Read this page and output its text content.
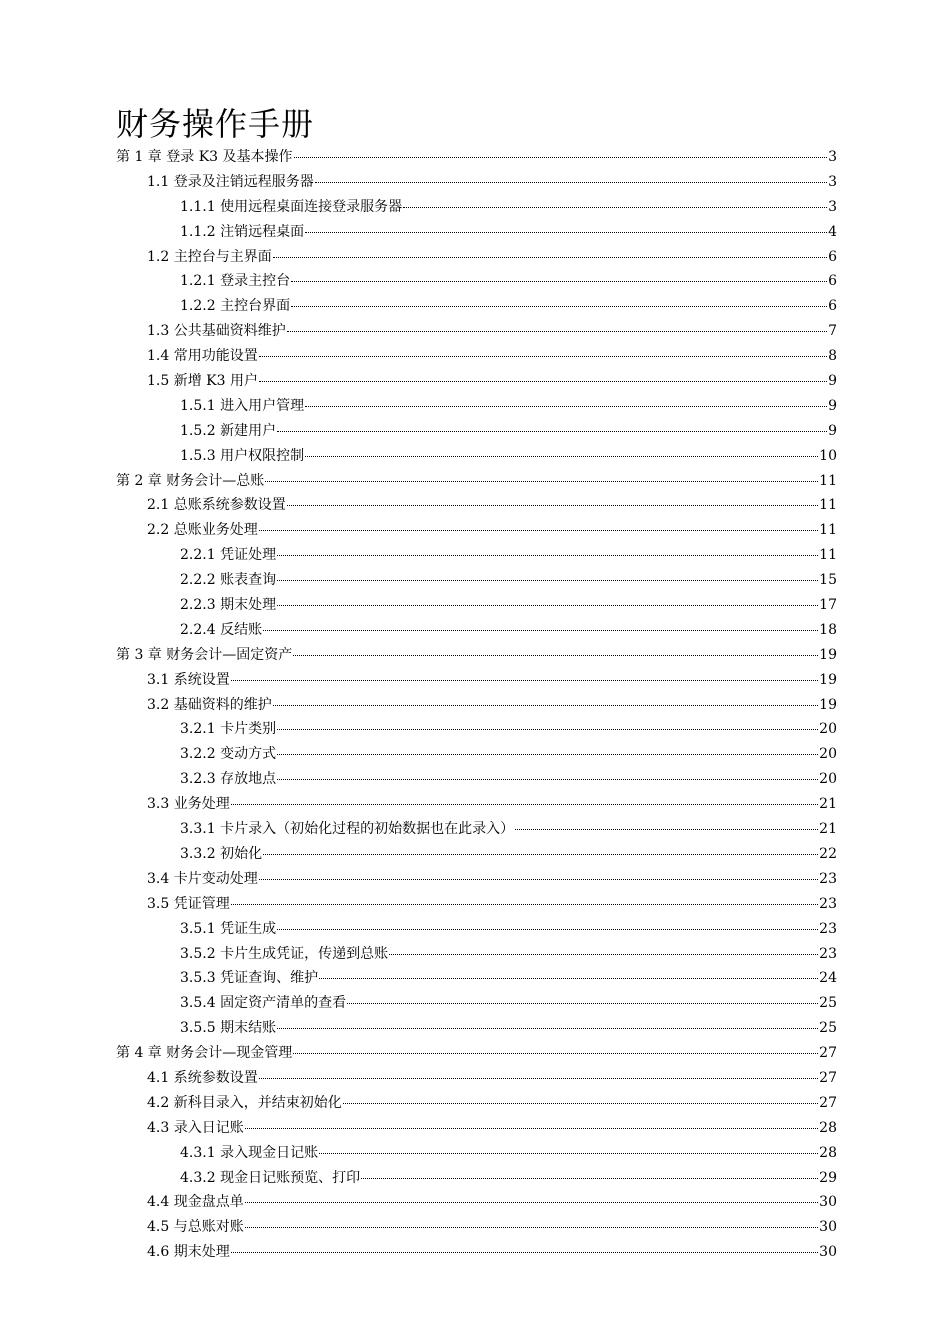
财务操作手册
第 1 章 登录 K3 及基本操作	3
1.1 登录及注销远程服务器	3
1.1.1 使用远程桌面连接登录服务器	3
1.1.2 注销远程桌面	4
1.2 主控台与主界面	6
1.2.1 登录主控台	6
1.2.2 主控台界面	6
1.3 公共基础资料维护	7
1.4 常用功能设置	8
1.5 新增 K3 用户	9
1.5.1 进入用户管理	9
1.5.2 新建用户	9
1.5.3 用户权限控制	10
第 2 章 财务会计—总账	11
2.1 总账系统参数设置	11
2.2 总账业务处理	11
2.2.1 凭证处理	11
2.2.2 账表查询	15
2.2.3 期末处理	17
2.2.4 反结账	18
第 3 章 财务会计—固定资产	19
3.1 系统设置	19
3.2 基础资料的维护	19
3.2.1 卡片类别	20
3.2.2 变动方式	20
3.2.3 存放地点	20
3.3 业务处理	21
3.3.1 卡片录入（初始化过程的初始数据也在此录入）	21
3.3.2 初始化	22
3.4 卡片变动处理	23
3.5 凭证管理	23
3.5.1 凭证生成	23
3.5.2 卡片生成凭证，传递到总账	23
3.5.3 凭证查询、维护	24
3.5.4 固定资产清单的查看	25
3.5.5 期末结账	25
第 4 章 财务会计—现金管理	27
4.1 系统参数设置	27
4.2 新科目录入，并结束初始化	27
4.3 录入日记账	28
4.3.1 录入现金日记账	28
4.3.2 现金日记账预览、打印	29
4.4 现金盘点单	30
4.5 与总账对账	30
4.6 期末处理	30
